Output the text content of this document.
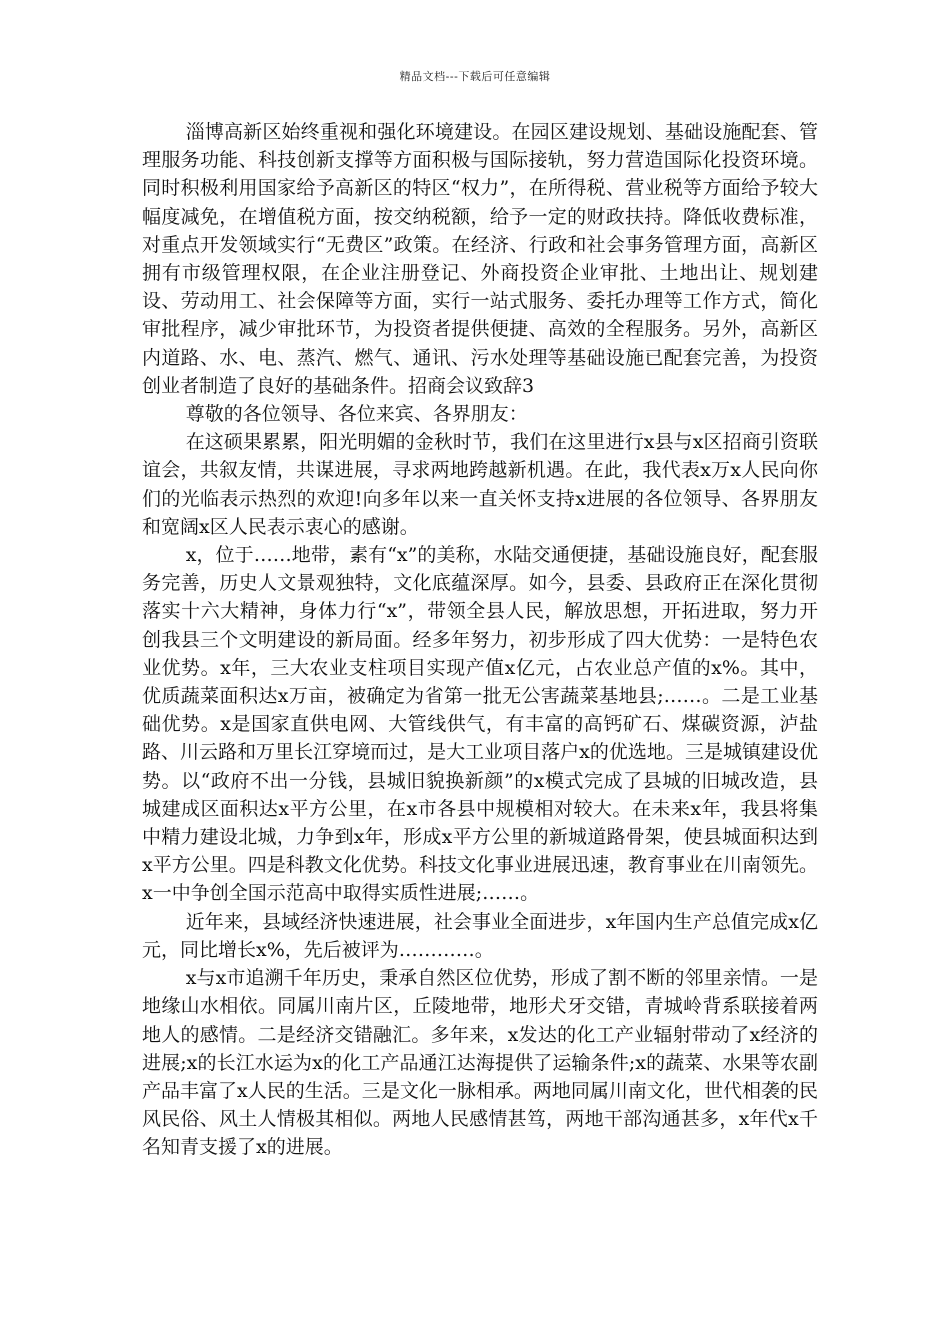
精品文档---下载后可任意编辑

淄博高新区始终重视和强化环境建设。在园区建设规划、基础设施配套、管理服务功能、科技创新支撑等方面积极与国际接轨，努力营造国际化投资环境。同时积极利用国家给予高新区的特区“权力”，在所得税、营业税等方面给予较大幅度减免，在增值税方面，按交纳税额，给予一定的财政扶持。降低收费标准，对重点开发领域实行“无费区”政策。在经济、行政和社会事务管理方面，高新区拥有市级管理权限，在企业注册登记、外商投资企业审批、土地出让、规划建设、劳动用工、社会保障等方面，实行一站式服务、委托办理等工作方式，简化审批程序，减少审批环节，为投资者提供便捷、高效的全程服务。另外，高新区内道路、水、电、蒸汽、燃气、通讯、污水处理等基础设施已配套完善，为投资创业者制造了良好的基础条件。招商会议致辞3

尊敬的各位领导、各位来宾、各界朋友：

在这硕果累累，阳光明媚的金秋时节，我们在这里进行x县与x区招商引资联谊会，共叙友情，共谋进展，寻求两地跨越新机遇。在此，我代表x万x人民向你们的光临表示热烈的欢迎!向多年以来一直关怀支持x进展的各位领导、各界朋友和宽阔x区人民表示衷心的感谢。

x，位于……地带，素有“x”的美称，水陆交通便捷，基础设施良好，配套服务完善，历史人文景观独特，文化底蕴深厚。如今，县委、县政府正在深化贯彻落实十六大精神，身体力行“x”，带领全县人民，解放思想，开拓进取，努力开创我县三个文明建设的新局面。经多年努力，初步形成了四大优势：一是特色农业优势。x年，三大农业支柱项目实现产值x亿元，占农业总产值的x%。其中，优质蔬菜面积达x万亩，被确定为省第一批无公害蔬菜基地县;……。二是工业基础优势。x是国家直供电网、大管线供气，有丰富的高钙矿石、煤碳资源，泸盐路、川云路和万里长江穿境而过，是大工业项目落户x的优选地。三是城镇建设优势。以“政府不出一分钱，县城旧貌换新颜”的x模式完成了县城的旧城改造，县城建成区面积达x平方公里，在x市各县中规模相对较大。在未来x年，我县将集中精力建设北城，力争到x年，形成x平方公里的新城道路骨架，使县城面积达到x平方公里。四是科教文化优势。科技文化事业进展迅速，教育事业在川南领先。x一中争创全国示范高中取得实质性进展;……。

近年来，县域经济快速进展，社会事业全面进步，x年国内生产总值完成x亿元，同比增长x%，先后被评为…………。

x与x市追溯千年历史，秉承自然区位优势，形成了割不断的邻里亲情。一是地缘山水相依。同属川南片区，丘陵地带，地形犬牙交错，青城岭背系联接着两地人的感情。二是经济交错融汇。多年来，x发达的化工产业辐射带动了x经济的进展;x的长江水运为x的化工产品通江达海提供了运输条件;x的蔬菜、水果等农副产品丰富了x人民的生活。三是文化一脉相承。两地同属川南文化，世代相袭的民风民俗、风土人情极其相似。两地人民感情甚笃，两地干部沟通甚多，x年代x千名知青支援了x的进展。
